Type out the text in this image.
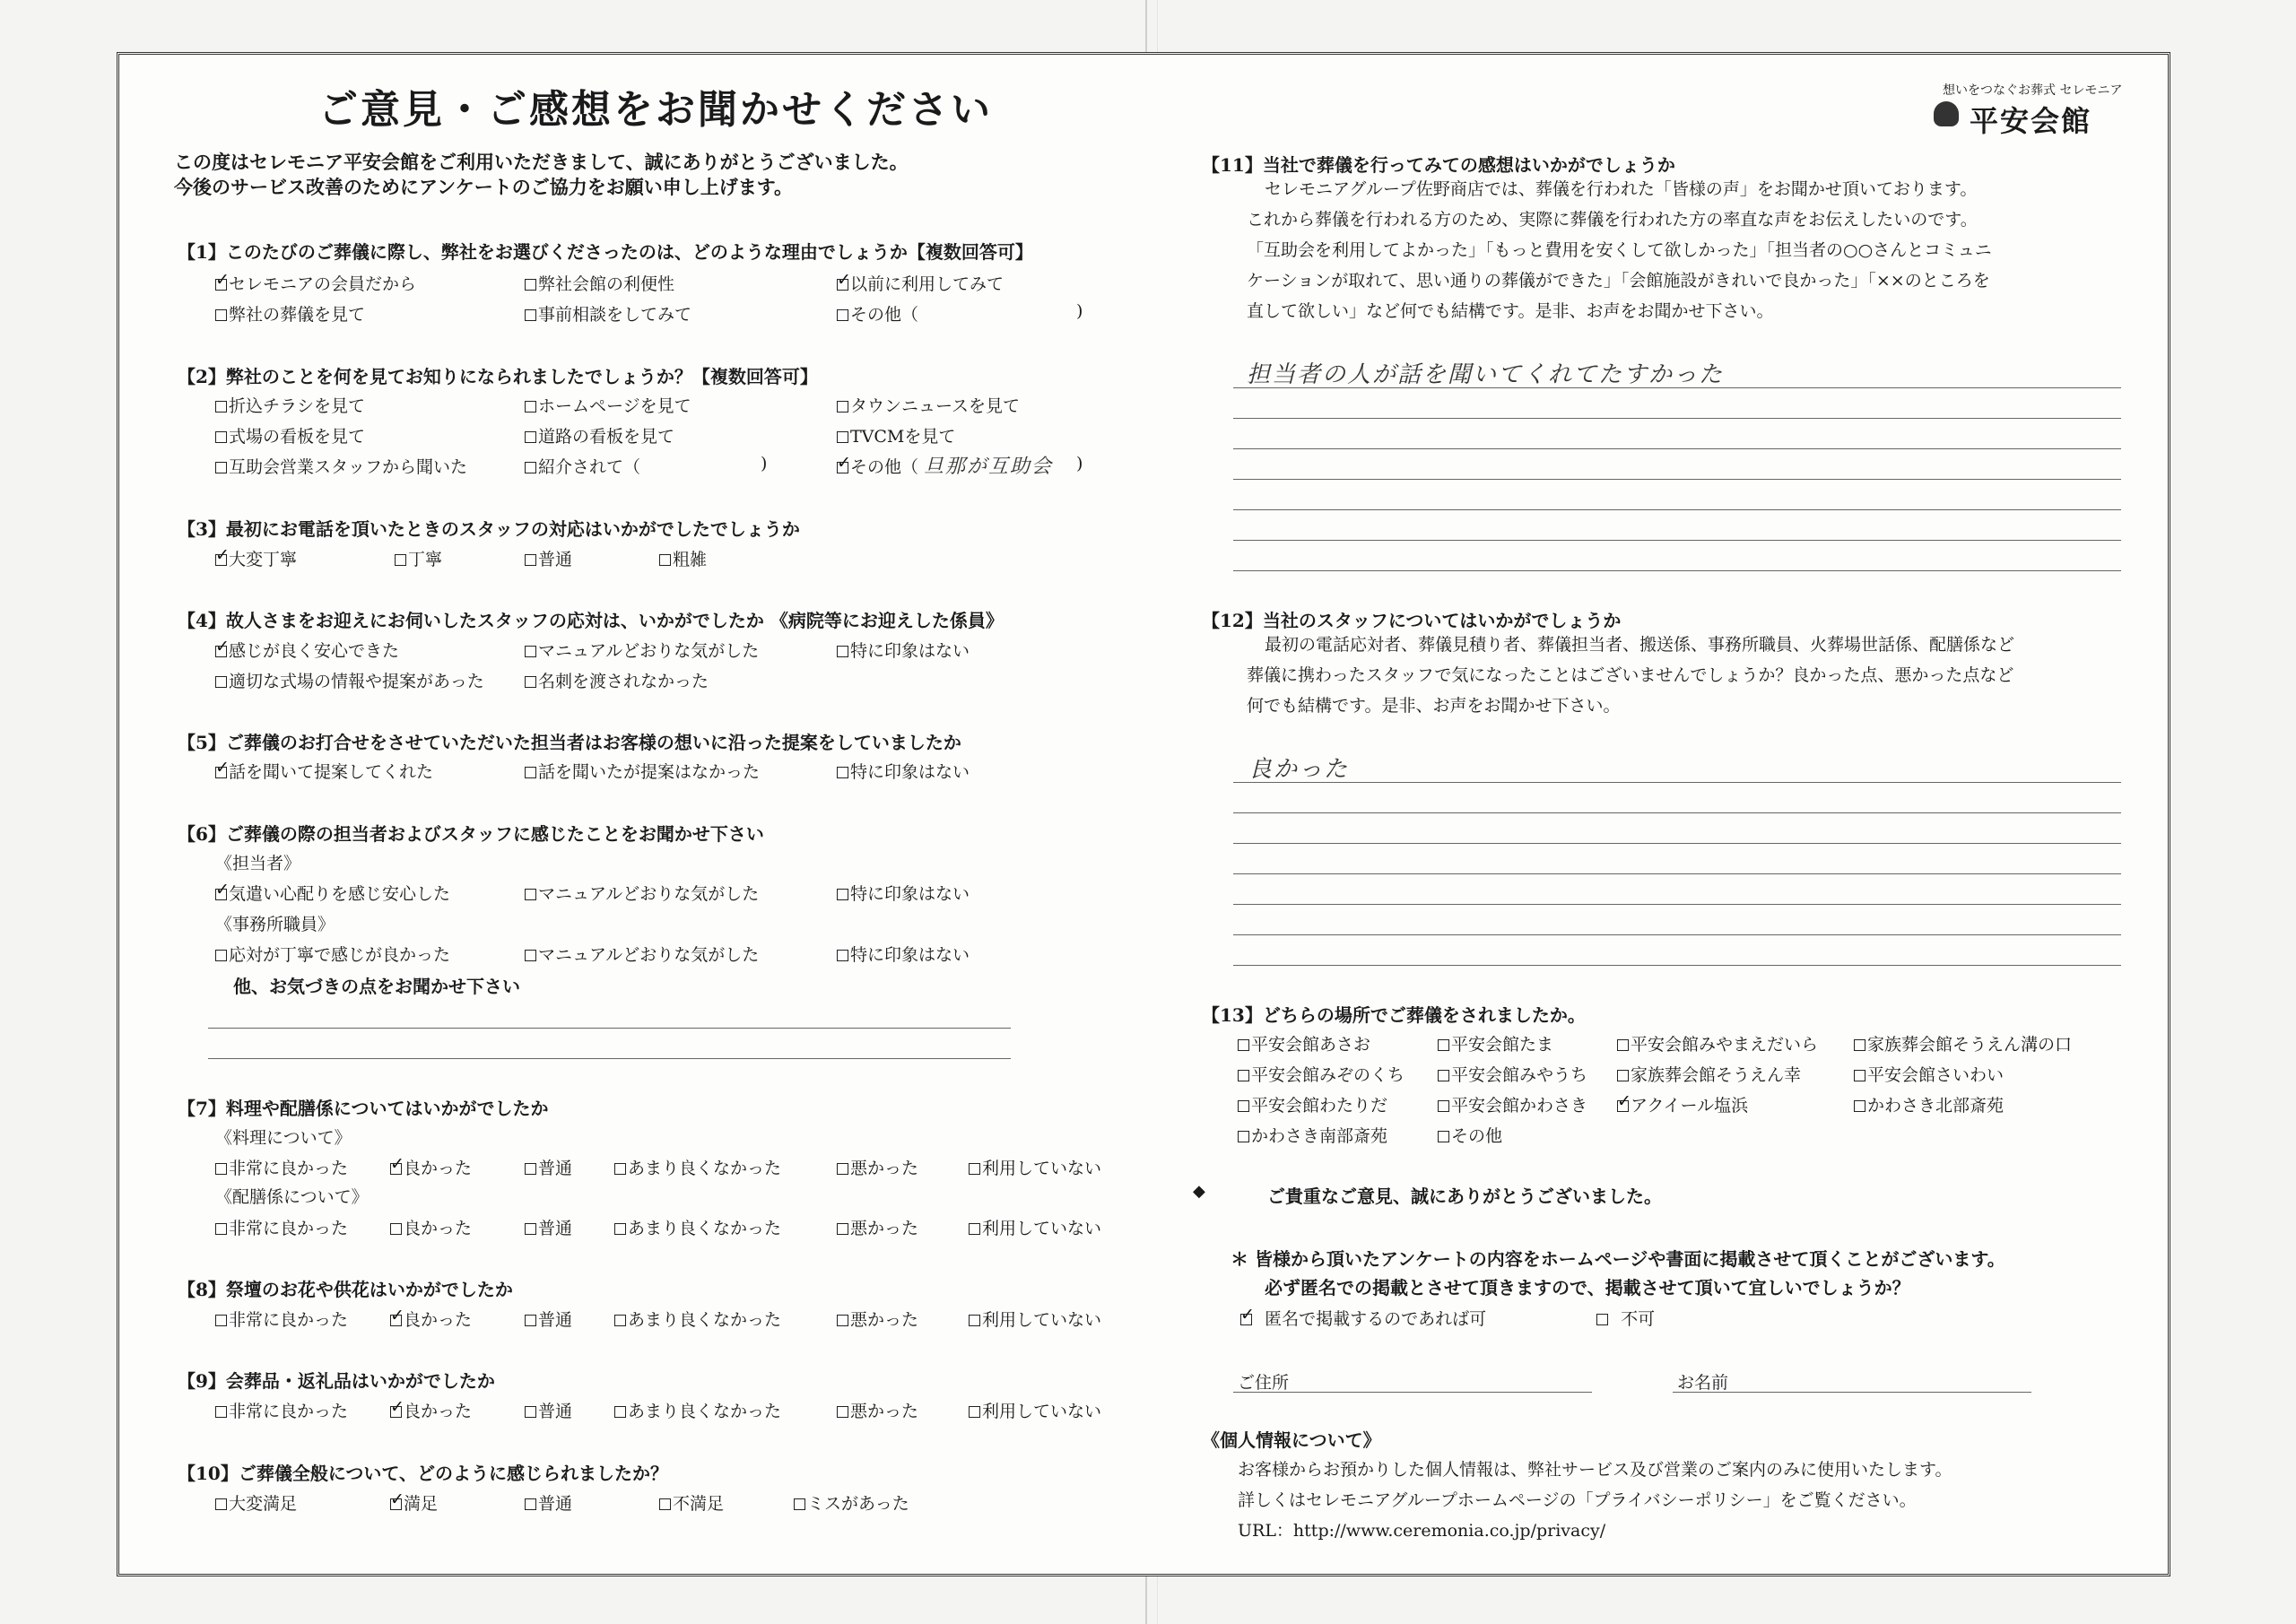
ご意見・ご感想をお聞かせください
この度はセレモニア平安会館をご利用いただきまして、誠にありがとうございました。
今後のサービス改善のためにアンケートのご協力をお願い申し上げます。
【1】このたびのご葬儀に際し、弊社をお選びくださったのは、どのような理由でしょうか【複数回答可】
✓セレモニアの会員だから	弊社会館の利便性 ✓	以前に利用してみて
弊社の葬儀を見て	事前相談をしてみて	その他（	)
【2】弊社のことを何を見てお知りになられましたでしょうか？【複数回答可】
折込チラシを見て	ホームページを見て	タウンニュースを見て
式場の看板を見て	道路の看板を見て	TVCMを見て
互助会営業スタッフから聞いた	紹介されて（	) ✓	その他（ 旦那が互助会 )
【3】最初にお電話を頂いたときのスタッフの対応はいかがでしたでしょうか
✓大変丁寧	丁寧	普通	粗雑
【4】故人さまをお迎えにお伺いしたスタッフの応対は、いかがでしたか 《病院等にお迎えした係員》
✓感じが良く安心できた	マニュアルどおりな気がした	特に印象はない
適切な式場の情報や提案があった	名刺を渡されなかった
【5】ご葬儀のお打合せをさせていただいた担当者はお客様の想いに沿った提案をしていましたか
✓話を聞いて提案してくれた	話を聞いたが提案はなかった	特に印象はない
【6】ご葬儀の際の担当者およびスタッフに感じたことをお聞かせ下さい
《担当者》
✓気遣い心配りを感じ安心した	マニュアルどおりな気がした	特に印象はない
《事務所職員》
応対が丁寧で感じが良かった	マニュアルどおりな気がした	特に印象はない
他、お気づきの点をお聞かせ下さい
【7】料理や配膳係についてはいかがでしたか
《料理について》
非常に良かった ✓	良かった	普通	あまり良くなかった	悪かった	利用していない
《配膳係について》
非常に良かった	良かった	普通	あまり良くなかった	悪かった	利用していない
【8】祭壇のお花や供花はいかがでしたか
非常に良かった ✓	良かった	普通	あまり良くなかった	悪かった	利用していない
【9】会葬品・返礼品はいかがでしたか
非常に良かった ✓	良かった	普通	あまり良くなかった	悪かった	利用していない
【10】ご葬儀全般について、どのように感じられましたか？
大変満足 ✓	満足	普通	不満足	ミスがあった
想いをつなぐお葬式 セレモニア
平安会館
【11】当社で葬儀を行ってみての感想はいかがでしょうか
セレモニアグループ佐野商店では、葬儀を行われた「皆様の声」をお聞かせ頂いております。
これから葬儀を行われる方のため、実際に葬儀を行われた方の率直な声をお伝えしたいのです。
「互助会を利用してよかった」「もっと費用を安くして欲しかった」「担当者の○○さんとコミュニ
ケーションが取れて、思い通りの葬儀ができた」「会館施設がきれいで良かった」「××のところを
直して欲しい」など何でも結構です。是非、お声をお聞かせ下さい。
担当者の人が話を聞いてくれてたすかった
【12】当社のスタッフについてはいかがでしょうか
最初の電話応対者、葬儀見積り者、葬儀担当者、搬送係、事務所職員、火葬場世話係、配膳係など
葬儀に携わったスタッフで気になったことはございませんでしょうか？良かった点、悪かった点など
何でも結構です。是非、お声をお聞かせ下さい。
良かった
【13】どちらの場所でご葬儀をされましたか。
平安会館あさお	平安会館たま	平安会館みやまえだいら	家族葬会館そうえん溝の口
平安会館みぞのくち	平安会館みやうち	家族葬会館そうえん幸	平安会館さいわい
平安会館わたりだ	平安会館かわさき ✓	アクイール塩浜	かわさき北部斎苑
かわさき南部斎苑	その他
◆	ご貴重なご意見、誠にありがとうございました。
＊ 皆様から頂いたアンケートの内容をホームページや書面に掲載させて頂くことがございます。
必ず匿名での掲載とさせて頂きますので、掲載させて頂いて宜しいでしょうか？
✓  匿名で掲載するのであれば可	不可
ご住所	お名前
《個人情報について》
お客様からお預かりした個人情報は、弊社サービス及び営業のご案内のみに使用いたします。
詳しくはセレモニアグループホームページの「プライバシーポリシー」をご覧ください。
URL：http://www.ceremonia.co.jp/privacy/
